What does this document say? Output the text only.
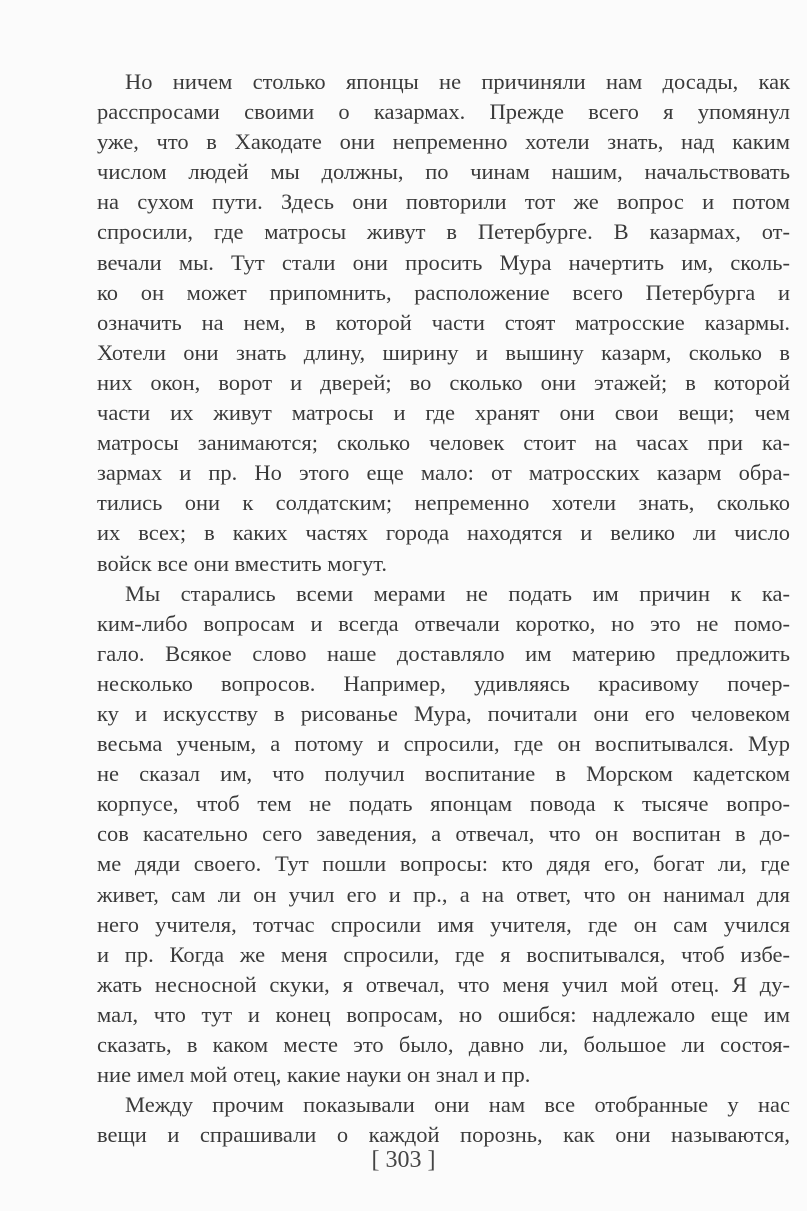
Но ничем столько японцы не причиняли нам досады, как
расспросами своими о казармах. Прежде всего я упомянул
уже, что в Хакодате они непременно хотели знать, над каким
числом людей мы должны, по чинам нашим, начальствовать
на сухом пути. Здесь они повторили тот же вопрос и потом
спросили, где матросы живут в Петербурге. В казармах, от-
вечали мы. Тут стали они просить Мура начертить им, сколь-
ко он может припомнить, расположение всего Петербурга и
означить на нем, в которой части стоят матросские казармы.
Хотели они знать длину, ширину и вышину казарм, сколько в
них окон, ворот и дверей; во сколько они этажей; в которой
части их живут матросы и где хранят они свои вещи; чем
матросы занимаются; сколько человек стоит на часах при ка-
зармах и пр. Но этого еще мало: от матросских казарм обра-
тились они к солдатским; непременно хотели знать, сколько
их всех; в каких частях города находятся и велико ли число
войск все они вместить могут.
Мы старались всеми мерами не подать им причин к ка-
ким-либо вопросам и всегда отвечали коротко, но это не помо-
гало. Всякое слово наше доставляло им материю предложить
несколько вопросов. Например, удивляясь красивому почер-
ку и искусству в рисованье Мура, почитали они его человеком
весьма ученым, а потому и спросили, где он воспитывался. Мур
не сказал им, что получил воспитание в Морском кадетском
корпусе, чтоб тем не подать японцам повода к тысяче вопро-
сов касательно сего заведения, а отвечал, что он воспитан в до-
ме дяди своего. Тут пошли вопросы: кто дядя его, богат ли, где
живет, сам ли он учил его и пр., а на ответ, что он нанимал для
него учителя, тотчас спросили имя учителя, где он сам учился
и пр. Когда же меня спросили, где я воспитывался, чтоб избе-
жать несносной скуки, я отвечал, что меня учил мой отец. Я ду-
мал, что тут и конец вопросам, но ошибся: надлежало еще им
сказать, в каком месте это было, давно ли, большое ли состоя-
ние имел мой отец, какие науки он знал и пр.
Между прочим показывали они нам все отобранные у нас
вещи и спрашивали о каждой порознь, как они называются,
[ 303 ]
